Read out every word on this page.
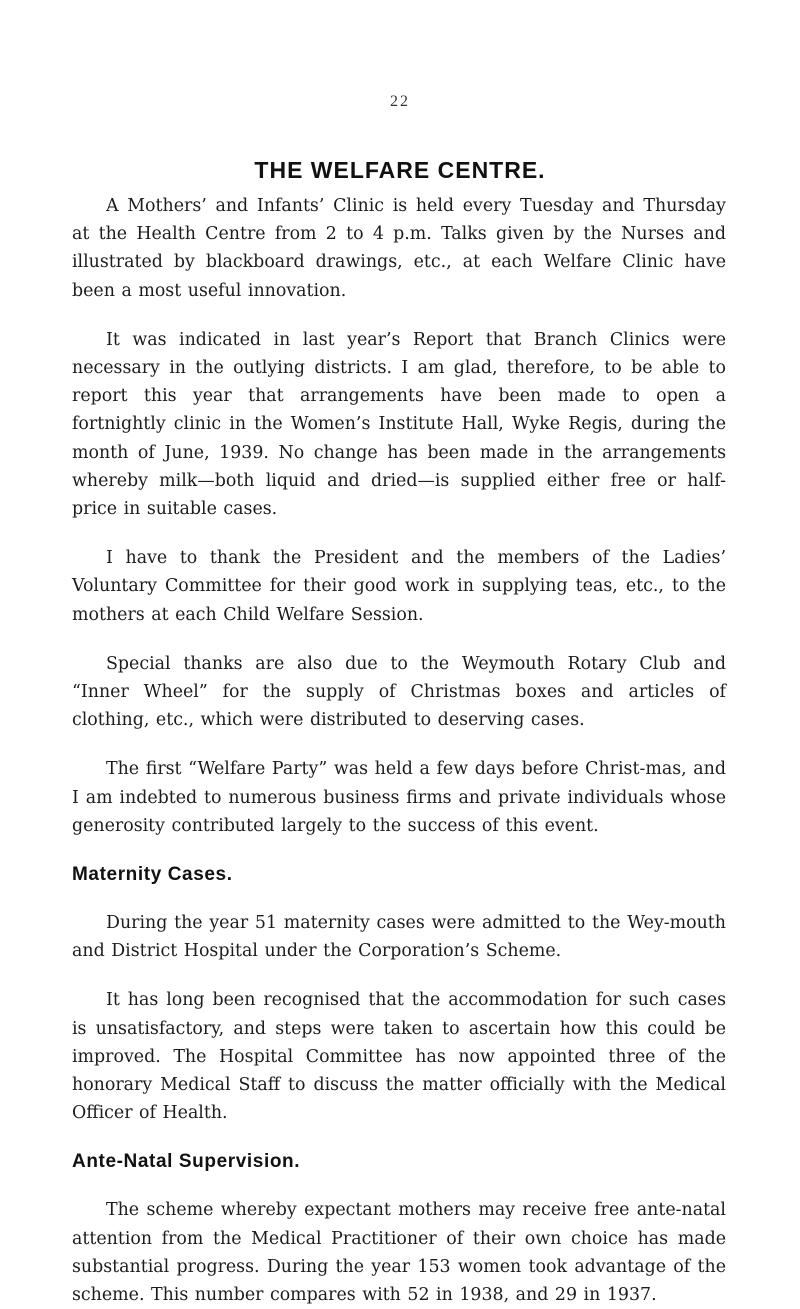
22
THE WELFARE CENTRE.

A Mothers’ and Infants’ Clinic is held every Tuesday and Thursday at the Health Centre from 2 to 4 p.m. Talks given by the Nurses and illustrated by blackboard drawings, etc., at each Welfare Clinic have been a most useful innovation.

It was indicated in last year’s Report that Branch Clinics were necessary in the outlying districts. I am glad, therefore, to be able to report this year that arrangements have been made to open a fortnightly clinic in the Women’s Institute Hall, Wyke Regis, during the month of June, 1939. No change has been made in the arrangements whereby milk—both liquid and dried—is supplied either free or half-price in suitable cases.

I have to thank the President and the members of the Ladies’ Voluntary Committee for their good work in supplying teas, etc., to the mothers at each Child Welfare Session.

Special thanks are also due to the Weymouth Rotary Club and “Inner Wheel” for the supply of Christmas boxes and articles of clothing, etc., which were distributed to deserving cases.

The first “Welfare Party” was held a few days before Christ-mas, and I am indebted to numerous business firms and private individuals whose generosity contributed largely to the success of this event.

Maternity Cases.

During the year 51 maternity cases were admitted to the Wey-mouth and District Hospital under the Corporation’s Scheme.

It has long been recognised that the accommodation for such cases is unsatisfactory, and steps were taken to ascertain how this could be improved. The Hospital Committee has now appointed three of the honorary Medical Staff to discuss the matter officially with the Medical Officer of Health.

Ante-Natal Supervision.

The scheme whereby expectant mothers may receive free ante-natal attention from the Medical Practitioner of their own choice has made substantial progress. During the year 153 women took advantage of the scheme. This number compares with 52 in 1938, and 29 in 1937.
